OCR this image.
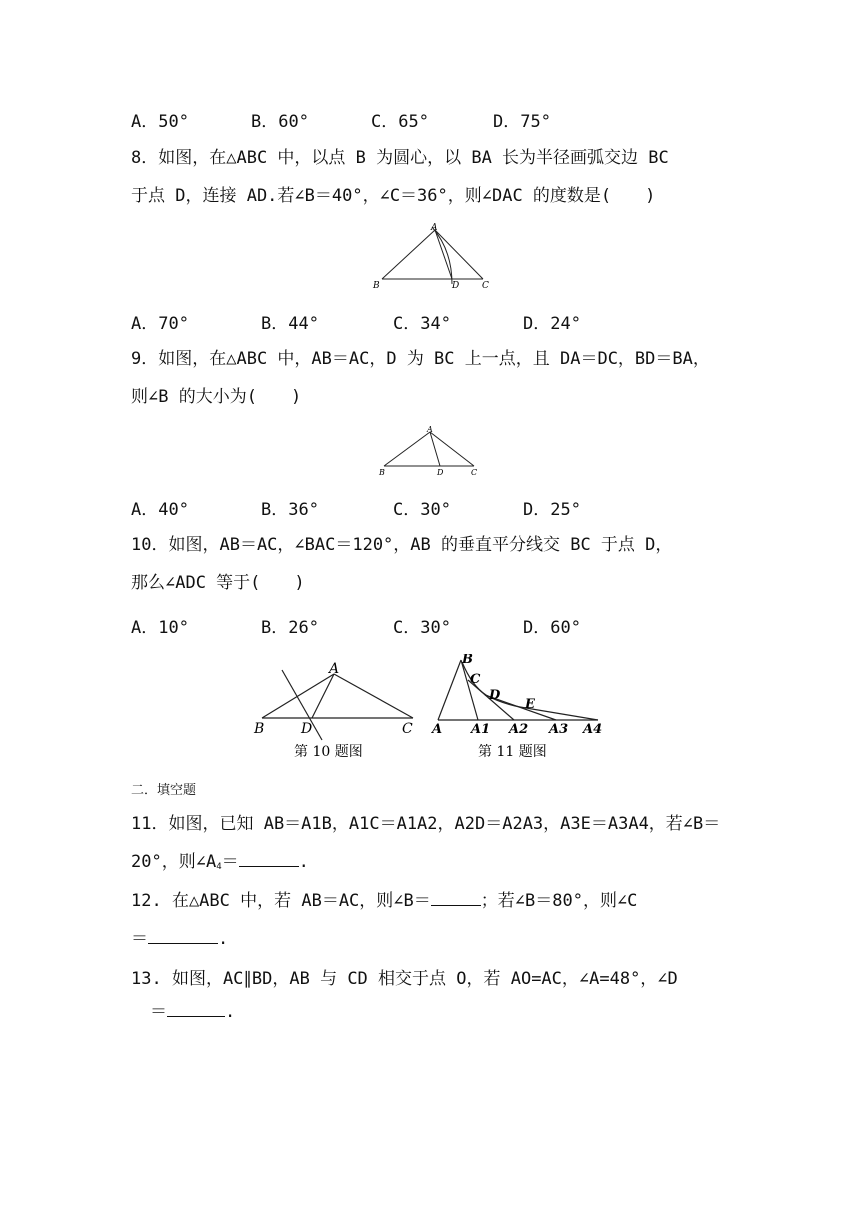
A．50°	B．60°	C．65°	D．75°
8．如图，在△ABC 中，以点 B 为圆心，以 BA 长为半径画弧交边 BC
于点 D，连接 AD.若∠B＝40°，∠C＝36°，则∠DAC 的度数是(　　)
A
B	D	C
A．70°	B．44°	C．34°	D．24°
9．如图，在△ABC 中，AB＝AC，D 为 BC 上一点，且 DA＝DC，BD＝BA，
则∠B 的大小为(　　)
A
B	D	C
A．40°	B．36°	C．30°	D．25°
10．如图，AB＝AC，∠BAC＝120°，AB 的垂直平分线交 BC 于点 D，
那么∠ADC 等于(　　)
A．10°	B．26°	C．30°	D．60°
A
B	D	C
第 10 题图
B
C
D
E
A A1 A2 A3 A4
第 11 题图
二．填空题
11．如图，已知 AB＝A1B，A1C＝A1A2，A2D＝A2A3，A3E＝A3A4，若∠B＝
20°，则$\angle A_4=$	.
12. 在△ABC 中，若 AB＝AC，则∠B＝	；若∠B＝80°，则∠C
＝	.
13. 如图，AC∥BD，AB 与 CD 相交于点 O，若 AO=AC，∠A=48°，∠D
＝	.
